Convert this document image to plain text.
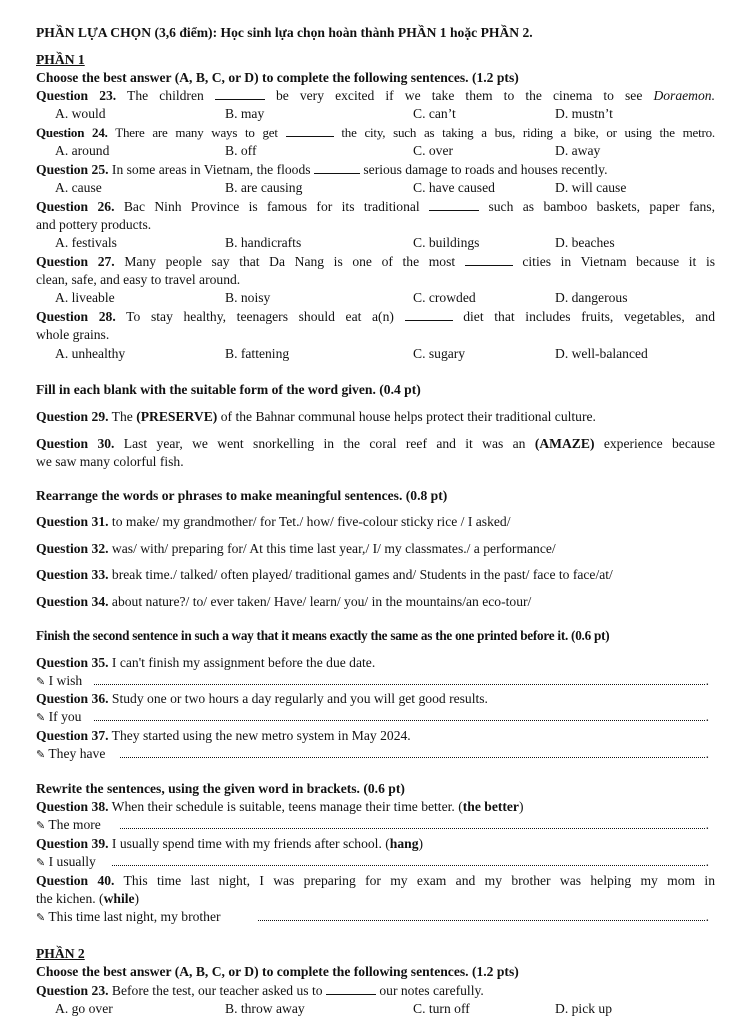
PHẦN LỰA CHỌN (3,6 điểm): Học sinh lựa chọn hoàn thành PHẦN 1 hoặc PHẦN 2.
PHẦN 1
Choose the best answer (A, B, C, or D) to complete the following sentences. (1.2 pts)
Question 23. The children	be very excited if we take them to the cinema to see Doraemon.
A. would	B. may	C. can’t	D. mustn’t
Question 24. There are many ways to get	the city, such as taking a bus, riding a bike, or using the metro.
A. around	B. off	C. over	D. away
Question 25. In some areas in Vietnam, the floods	serious damage to roads and houses recently.
A. cause	B. are causing	C. have caused	D. will cause
Question 26. Bac Ninh Province is famous for its traditional	such as bamboo baskets, paper fans,
and pottery products.
A. festivals	B. handicrafts	C. buildings	D. beaches
Question 27. Many people say that Da Nang is one of the most	cities in Vietnam because it is
clean, safe, and easy to travel around.
A. liveable	B. noisy	C. crowded	D. dangerous
Question 28. To stay healthy, teenagers should eat a(n)	diet that includes fruits, vegetables, and
whole grains.
A. unhealthy	B. fattening	C. sugary	D. well-balanced
Fill in each blank with the suitable form of the word given. (0.4 pt)
Question 29. The (PRESERVE) of the Bahnar communal house helps protect their traditional culture.
Question 30. Last year, we went snorkelling in the coral reef and it was an (AMAZE) experience because
we saw many colorful fish.
Rearrange the words or phrases to make meaningful sentences. (0.8 pt)
Question 31. to make/ my grandmother/ for Tet./ how/ five-colour sticky rice / I asked/
Question 32. was/ with/ preparing for/ At this time last year,/ I/ my classmates./ a performance/
Question 33. break time./ talked/ often played/ traditional games and/ Students in the past/ face to face/at/
Question 34. about nature?/ to/ ever taken/ Have/ learn/ you/ in the mountains/an eco-tour/
Finish the second sentence in such a way that it means exactly the same as the one printed before it. (0.6 pt)
Question 35. I can't finish my assignment before the due date.
✎ I wish	.
Question 36. Study one or two hours a day regularly and you will get good results.
✎ If you	.
Question 37. They started using the new metro system in May 2024.
✎ They have	.
Rewrite the sentences, using the given word in brackets. (0.6 pt)
Question 38. When their schedule is suitable, teens manage their time better. (the better)
✎ The more	.
Question 39. I usually spend time with my friends after school. (hang)
✎ I usually	.
Question 40. This time last night, I was preparing for my exam and my brother was helping my mom in
the kichen. (while)
✎ This time last night, my brother	.
PHẦN 2
Choose the best answer (A, B, C, or D) to complete the following sentences. (1.2 pts)
Question 23. Before the test, our teacher asked us to	our notes carefully.
A. go over	B. throw away	C. turn off	D. pick up
